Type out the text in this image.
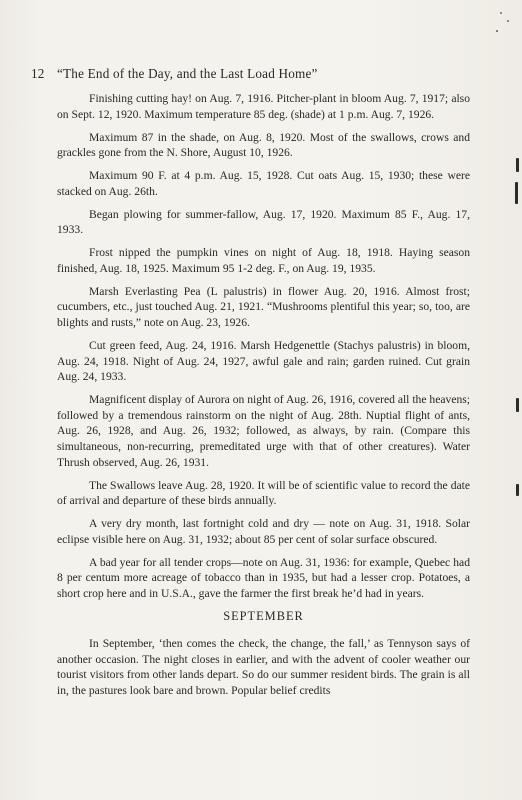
12 “The End of the Day, and the Last Load Home”

Finishing cutting hay! on Aug. 7, 1916. Pitcher-plant in bloom Aug. 7, 1917; also on Sept. 12, 1920. Maximum temperature 85 deg. (shade) at 1 p.m. Aug. 7, 1926.

Maximum 87 in the shade, on Aug. 8, 1920. Most of the swallows, crows and grackles gone from the N. Shore, August 10, 1926.

Maximum 90 F. at 4 p.m. Aug. 15, 1928. Cut oats Aug. 15, 1930; these were stacked on Aug. 26th.

Began plowing for summer-fallow, Aug. 17, 1920. Maximum 85 F., Aug. 17, 1933.

Frost nipped the pumpkin vines on night of Aug. 18, 1918. Haying season finished, Aug. 18, 1925. Maximum 95 1-2 deg. F., on Aug. 19, 1935.

Marsh Everlasting Pea (L palustris) in flower Aug. 20, 1916. Almost frost; cucumbers, etc., just touched Aug. 21, 1921. “Mushrooms plentiful this year; so, too, are blights and rusts,” note on Aug. 23, 1926.

Cut green feed, Aug. 24, 1916. Marsh Hedgenettle (Stachys palustris) in bloom, Aug. 24, 1918. Night of Aug. 24, 1927, awful gale and rain; garden ruined. Cut grain Aug. 24, 1933.

Magnificent display of Aurora on night of Aug. 26, 1916, covered all the heavens; followed by a tremendous rainstorm on the night of Aug. 28th. Nuptial flight of ants, Aug. 26, 1928, and Aug. 26, 1932; followed, as always, by rain. (Compare this simultaneous, non-recurring, premeditated urge with that of other creatures). Water Thrush observed, Aug. 26, 1931.

The Swallows leave Aug. 28, 1920. It will be of scientific value to record the date of arrival and departure of these birds annually.

A very dry month, last fortnight cold and dry — note on Aug. 31, 1918. Solar eclipse visible here on Aug. 31, 1932; about 85 per cent of solar surface obscured.

A bad year for all tender crops—note on Aug. 31, 1936: for example, Quebec had 8 per centum more acreage of tobacco than in 1935, but had a lesser crop. Potatoes, a short crop here and in U.S.A., gave the farmer the first break he’d had in years.

SEPTEMBER

In September, ‘then comes the check, the change, the fall,’ as Tennyson says of another occasion. The night closes in earlier, and with the advent of cooler weather our tourist visitors from other lands depart. So do our summer resident birds. The grain is all in, the pastures look bare and brown. Popular belief credits
